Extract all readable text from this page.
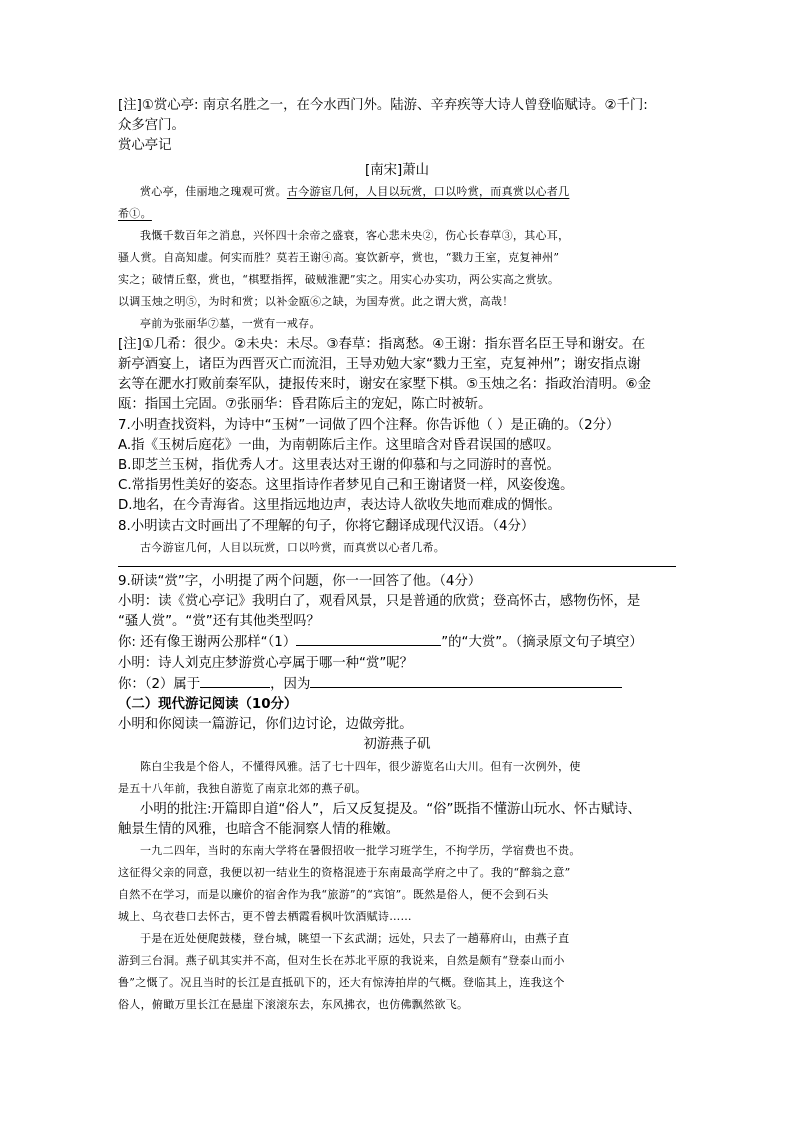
[注]①赏心亭: 南京名胜之一，在今水西门外。陆游、辛弃疾等大诗人曾登临赋诗。②千门:
众多宫门。
赏心亭记
[南宋]萧山
赏心亭，佳丽地之瑰观可赏。古今游宦几何，人目以玩赏，口以吟赏，而真赏以心者几
希①。
我慨千数百年之消息，兴怀四十余帝之盛衰，客心悲未央②，伤心长春草③，其心耳，
骚人赏。自高知虚。何实而胜？莫若王谢④高。宴饮新亭，赏也，“戮力王室，克复神州”
实之；破情丘壑，赏也，“棋墅指挥，破贼淮淝”实之。用实心办实功，两公实高之赏欤。
以调玉烛之明⑤，为时和赏；以补金瓯⑥之缺，为国寿赏。此之谓大赏，高哉！
亭前为张丽华⑦墓，一赏有一戒存。
[注]①几希：很少。②未央：未尽。③春草：指离愁。④王谢：指东晋名臣王导和谢安。在
新亭酒宴上，诸臣为西晋灭亡而流泪，王导劝勉大家“戮力王室，克复神州”；谢安指点谢
玄等在淝水打败前秦军队，捷报传来时，谢安在家墅下棋。⑤玉烛之名：指政治清明。⑥金
瓯：指国土完固。⑦张丽华：昏君陈后主的宠妃，陈亡时被斩。
7.小明查找资料，为诗中“玉树”一词做了四个注释。你告诉他（ ）是正确的。（2分）
A.指《玉树后庭花》一曲，为南朝陈后主作。这里暗含对昏君误国的感叹。
B.即芝兰玉树，指优秀人才。这里表达对王谢的仰慕和与之同游时的喜悦。
C.常指男性美好的姿态。这里指诗作者梦见自己和王谢诸贤一样，风姿俊逸。
D.地名，在今青海省。这里指远地边声，表达诗人欲收失地而难成的惆怅。
8.小明读古文时画出了不理解的句子，你将它翻译成现代汉语。（4分）
古今游宦几何，人目以玩赏，口以吟赏，而真赏以心者几希。
9.研读“赏”字，小明提了两个问题，你一一回答了他。（4分）
小明：读《赏心亭记》我明白了，观看风景，只是普通的欣赏；登高怀古，感物伤怀，是
“骚人赏”。“赏”还有其他类型吗？
你: 还有像王谢两公那样“（1）	”的“大赏”。（摘录原文句子填空）
小明：诗人刘克庄梦游赏心亭属于哪一种“赏”呢？
你：（2）属于	，因为
（二）现代游记阅读（10分）
小明和你阅读一篇游记，你们边讨论，边做旁批。
初游燕子矶
陈白尘我是个俗人，不懂得风雅。活了七十四年，很少游览名山大川。但有一次例外，使
是五十八年前，我独自游览了南京北郊的燕子矶。
小明的批注:开篇即自道“俗人”，后又反复提及。“俗”既指不懂游山玩水、怀古赋诗、
触景生情的风雅，也暗含不能洞察人情的稚嫩。
一九二四年，当时的东南大学将在暑假招收一批学习班学生，不拘学历，学宿费也不贵。
这征得父亲的同意，我便以初一结业生的资格混迹于东南最高学府之中了。我的“醉翁之意”
自然不在学习，而是以廉价的宿舍作为我“旅游”的“宾馆”。既然是俗人，便不会到石头
城上、乌衣巷口去怀古，更不曾去栖霞看枫叶饮酒赋诗……
于是在近处便爬鼓楼，登台城，眺望一下玄武湖；远处，只去了一趟幕府山，由燕子直
游到三台洞。燕子矶其实并不高，但对生长在苏北平原的我说来，自然是颇有“登泰山而小
鲁”之慨了。况且当时的长江是直抵矶下的，还大有惊涛拍岸的气概。登临其上，连我这个
俗人，俯瞰万里长江在悬崖下滚滚东去，东风拂衣，也仿佛飘然欲飞。
